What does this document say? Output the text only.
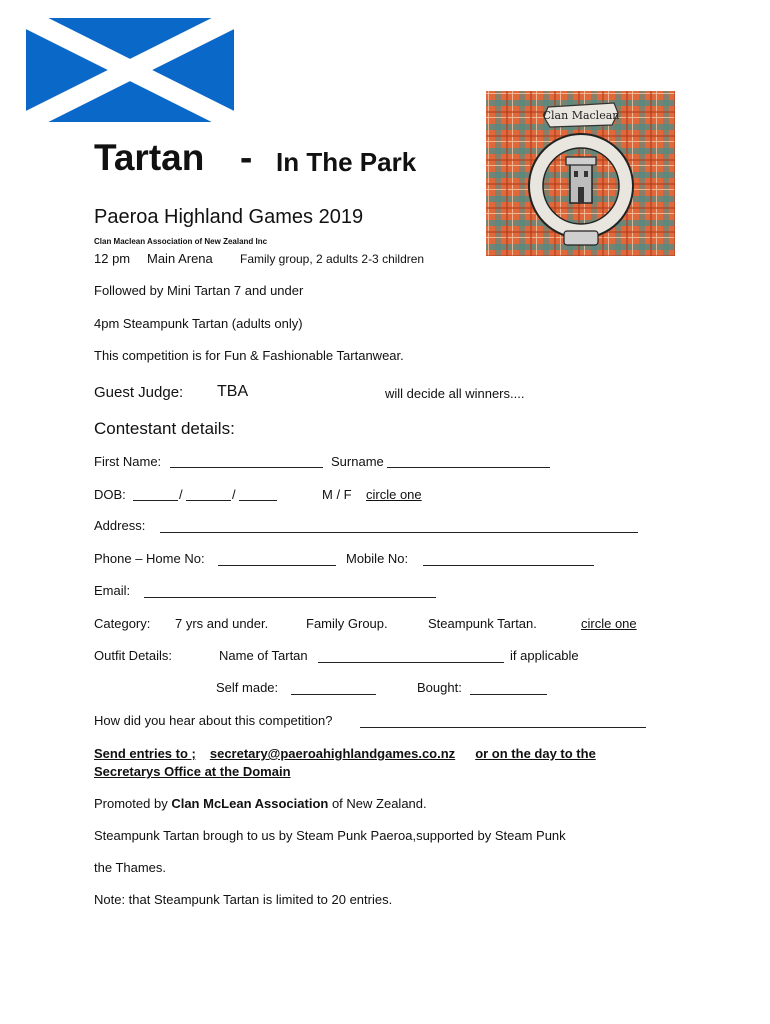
Clan Maclean
Tartan - In The Park
Paeroa Highland Games 2019
Clan Maclean Association of New Zealand Inc
12 pm Main Arena Family group, 2 adults 2-3 children
Followed by Mini Tartan 7 and under
4pm Steampunk Tartan (adults only)
This competition is for Fun & Fashionable Tartanwear.
Guest Judge: TBA	will decide all winners....
Contestant details:
First Name:	Surname
DOB:	/	/	M / F circle one
Address:
Phone – Home No:	Mobile No:
Email:
Category: 7 yrs and under.	Family Group.	Steampunk Tartan.	circle one
Outfit Details:	Name of Tartan	if applicable
Self made:	Bought:
How did you hear about this competition?
Send entries to ; secretary@paeroahighlandgames.co.nz or on the day to the
Secretarys Office at the Domain
Promoted by Clan McLean Association of New Zealand.
Steampunk Tartan brough to us by Steam Punk Paeroa,supported by Steam Punk
the Thames.
Note: that Steampunk Tartan is limited to 20 entries.
